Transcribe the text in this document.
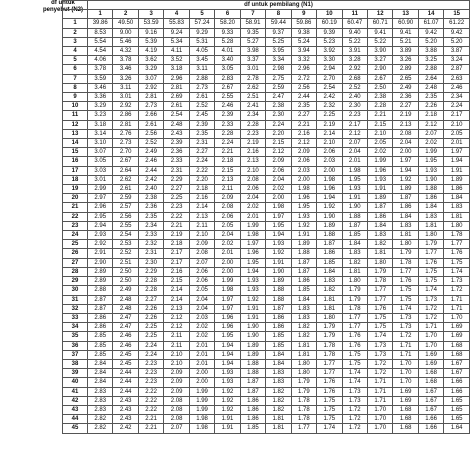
df untuk penyebut (N2)
	df untuk pembilang (N1)														
	1	2	3	4	5	6	7	8	9	10	11	12	13	14	15
1	39.86	49.50	53.59	55.83	57.24	58.20	58.91	59.44	59.86	60.19	60.47	60.71	60.90	61.07	61.22
2	8.53	9.00	9.16	9.24	9.29	9.33	9.35	9.37	9.38	9.39	9.40	9.41	9.41	9.42	9.42
3	5.54	5.46	5.39	5.34	5.31	5.28	5.27	5.25	5.24	5.23	5.22	5.22	5.21	5.20	5.20
4	4.54	4.32	4.19	4.11	4.05	4.01	3.98	3.95	3.94	3.92	3.91	3.90	3.89	3.88	3.87
5	4.06	3.78	3.62	3.52	3.45	3.40	3.37	3.34	3.32	3.30	3.28	3.27	3.26	3.25	3.24
6	3.78	3.46	3.29	3.18	3.11	3.05	3.01	2.98	2.96	2.94	2.92	2.90	2.89	2.88	2.87
7	3.59	3.26	3.07	2.96	2.88	2.83	2.78	2.75	2.72	2.70	2.68	2.67	2.65	2.64	2.63
8	3.46	3.11	2.92	2.81	2.73	2.67	2.62	2.59	2.56	2.54	2.52	2.50	2.49	2.48	2.46
9	3.36	3.01	2.81	2.69	2.61	2.55	2.51	2.47	2.44	2.42	2.40	2.38	2.36	2.35	2.34
10	3.29	2.92	2.73	2.61	2.52	2.46	2.41	2.38	2.35	2.32	2.30	2.28	2.27	2.26	2.24
11	3.23	2.86	2.66	2.54	2.45	2.39	2.34	2.30	2.27	2.25	2.23	2.21	2.19	2.18	2.17
12	3.18	2.81	2.61	2.48	2.39	2.33	2.28	2.24	2.21	2.19	2.17	2.15	2.13	2.12	2.10
13	3.14	2.76	2.56	2.43	2.35	2.28	2.23	2.20	2.16	2.14	2.12	2.10	2.08	2.07	2.05
14	3.10	2.73	2.52	2.39	2.31	2.24	2.19	2.15	2.12	2.10	2.07	2.05	2.04	2.02	2.01
15	3.07	2.70	2.49	2.36	2.27	2.21	2.16	2.12	2.09	2.06	2.04	2.02	2.00	1.99	1.97
16	3.05	2.67	2.46	2.33	2.24	2.18	2.13	2.09	2.06	2.03	2.01	1.99	1.97	1.95	1.94
17	3.03	2.64	2.44	2.31	2.22	2.15	2.10	2.06	2.03	2.00	1.98	1.96	1.94	1.93	1.91
18	3.01	2.62	2.42	2.29	2.20	2.13	2.08	2.04	2.00	1.98	1.95	1.93	1.92	1.90	1.89
19	2.99	2.61	2.40	2.27	2.18	2.11	2.06	2.02	1.98	1.96	1.93	1.91	1.89	1.88	1.86
20	2.97	2.59	2.38	2.25	2.16	2.09	2.04	2.00	1.96	1.94	1.91	1.89	1.87	1.86	1.84
21	2.96	2.57	2.36	2.23	2.14	2.08	2.02	1.98	1.95	1.92	1.90	1.87	1.86	1.84	1.83
22	2.95	2.56	2.35	2.22	2.13	2.06	2.01	1.97	1.93	1.90	1.88	1.86	1.84	1.83	1.81
23	2.94	2.55	2.34	2.21	2.11	2.05	1.99	1.95	1.92	1.89	1.87	1.84	1.83	1.81	1.80
24	2.93	2.54	2.33	2.19	2.10	2.04	1.98	1.94	1.91	1.88	1.85	1.83	1.81	1.80	1.78
25	2.92	2.53	2.32	2.18	2.09	2.02	1.97	1.93	1.89	1.87	1.84	1.82	1.80	1.79	1.77
26	2.91	2.52	2.31	2.17	2.08	2.01	1.96	1.92	1.88	1.86	1.83	1.81	1.79	1.77	1.76
27	2.90	2.51	2.30	2.17	2.07	2.00	1.95	1.91	1.87	1.85	1.82	1.80	1.78	1.76	1.75
28	2.89	2.50	2.29	2.16	2.06	2.00	1.94	1.90	1.87	1.84	1.81	1.79	1.77	1.75	1.74
29	2.89	2.50	2.28	2.15	2.06	1.99	1.93	1.89	1.86	1.83	1.80	1.78	1.76	1.75	1.73
30	2.88	2.49	2.28	2.14	2.05	1.98	1.93	1.88	1.85	1.82	1.79	1.77	1.75	1.74	1.72
31	2.87	2.48	2.27	2.14	2.04	1.97	1.92	1.88	1.84	1.81	1.79	1.77	1.75	1.73	1.71
32	2.87	2.48	2.26	2.13	2.04	1.97	1.91	1.87	1.83	1.81	1.78	1.76	1.74	1.72	1.71
33	2.86	2.47	2.26	2.12	2.03	1.96	1.91	1.86	1.83	1.80	1.77	1.75	1.73	1.72	1.70
34	2.86	2.47	2.25	2.12	2.02	1.96	1.90	1.86	1.82	1.79	1.77	1.75	1.73	1.71	1.69
35	2.85	2.46	2.25	2.11	2.02	1.95	1.90	1.85	1.82	1.79	1.76	1.74	1.72	1.70	1.69
36	2.85	2.46	2.24	2.11	2.01	1.94	1.89	1.85	1.81	1.78	1.76	1.73	1.71	1.70	1.68
37	2.85	2.45	2.24	2.10	2.01	1.94	1.89	1.84	1.81	1.78	1.75	1.73	1.71	1.69	1.68
38	2.84	2.45	2.23	2.10	2.01	1.94	1.88	1.84	1.80	1.77	1.75	1.72	1.70	1.69	1.67
39	2.84	2.44	2.23	2.09	2.00	1.93	1.88	1.83	1.80	1.77	1.74	1.72	1.70	1.68	1.67
40	2.84	2.44	2.23	2.09	2.00	1.93	1.87	1.83	1.79	1.76	1.74	1.71	1.70	1.68	1.66
41	2.83	2.44	2.22	2.09	1.99	1.92	1.87	1.82	1.79	1.76	1.73	1.71	1.69	1.67	1.66
42	2.83	2.43	2.22	2.08	1.99	1.92	1.86	1.82	1.78	1.75	1.73	1.71	1.69	1.67	1.65
43	2.83	2.43	2.22	2.08	1.99	1.92	1.86	1.82	1.78	1.75	1.72	1.70	1.68	1.67	1.65
44	2.82	2.43	2.21	2.08	1.98	1.91	1.86	1.81	1.78	1.75	1.72	1.70	1.68	1.66	1.65
45	2.82	2.42	2.21	2.07	1.98	1.91	1.85	1.81	1.77	1.74	1.72	1.70	1.68	1.66	1.64
